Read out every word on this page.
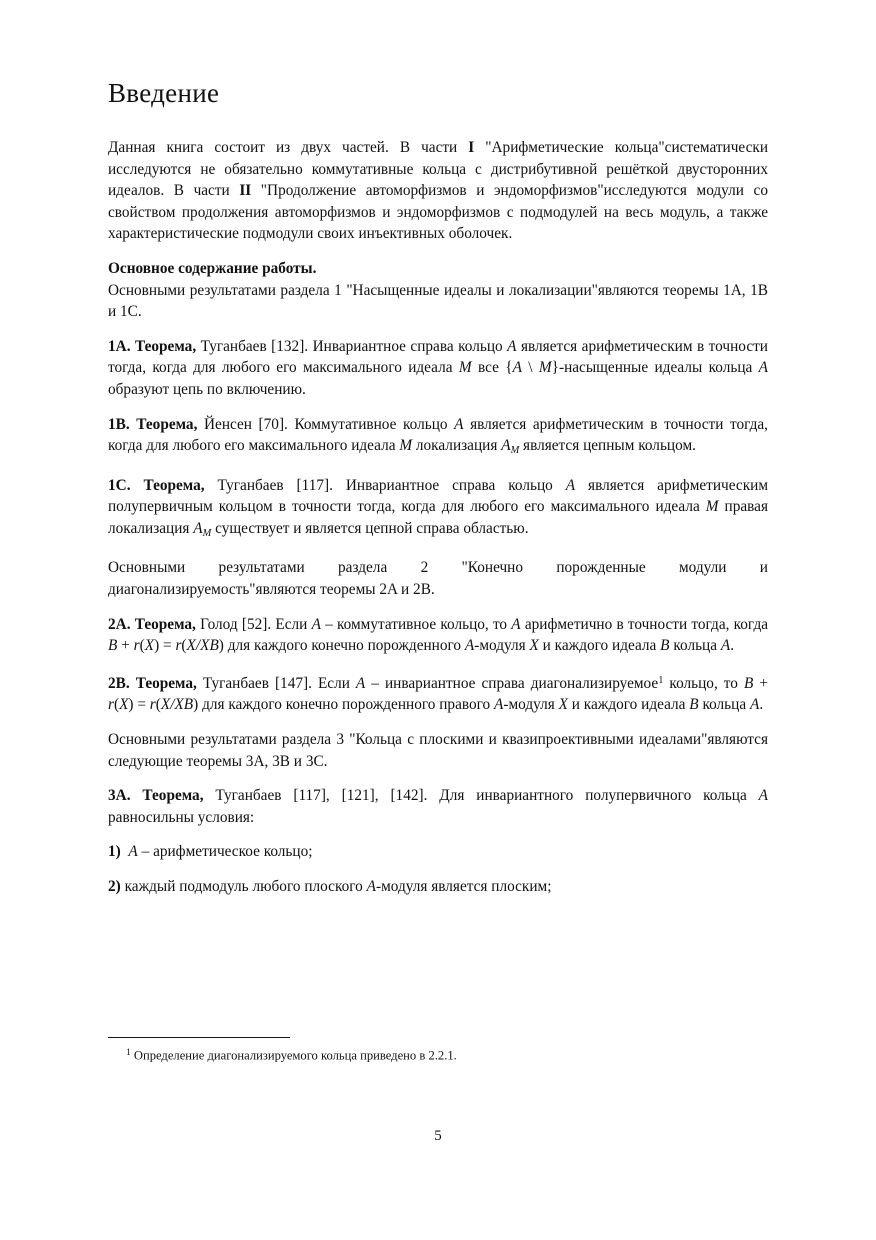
Введение

Данная книга состоит из двух частей. В части I "Арифметические кольца"систематически исследуются не обязательно коммутативные кольца с дистрибутивной решёткой двусторонних идеалов. В части II "Продолжение автоморфизмов и эндоморфизмов"исследуются модули со свойством продолжения автоморфизмов и эндоморфизмов с подмодулей на весь модуль, а также характеристические подмодули своих инъективных оболочек.

Основное содержание работы.

Основными результатами раздела 1 "Насыщенные идеалы и локализации"являются теоремы 1A, 1B и 1C.

1A. Теорема, Туганбаев [132]. Инвариантное справа кольцо A является арифметическим в точности тогда, когда для любого его максимального идеала M все {A \ M}-насыщенные идеалы кольца A образуют цепь по включению.

1B. Теорема, Йенсен [70]. Коммутативное кольцо A является арифметическим в точности тогда, когда для любого его максимального идеала M локализация $A_M$ является цепным кольцом.

1C. Теорема, Туганбаев [117]. Инвариантное справа кольцо A является арифметическим полупервичным кольцом в точности тогда, когда для любого его максимального идеала M правая локализация $A_M$ существует и является цепной справа областью.

Основными результатами раздела 2 "Конечно порожденные модули и диагонализируемость"являются теоремы 2A и 2B.

2A. Теорема, Голод [52]. Если A – коммутативное кольцо, то A арифметично в точности тогда, когда B + r(X) = r(X/XB) для каждого конечно порожденного A-модуля X и каждого идеала B кольца A.

2B. Теорема, Туганбаев [147]. Если A – инвариантное справа диагонализируемое$^1$ кольцо, то B + r(X) = r(X/XB) для каждого конечно порожденного правого A-модуля X и каждого идеала B кольца A.

Основными результатами раздела 3 "Кольца с плоскими и квазипроективными идеалами"являются следующие теоремы 3A, 3B и 3C.

3A. Теорема, Туганбаев [117], [121], [142]. Для инвариантного полупервичного кольца A равносильны условия:

1) A – арифметическое кольцо;

2) каждый подмодуль любого плоского A-модуля является плоским;

$^1$ Определение диагонализируемого кольца приведено в 2.2.1.
5
